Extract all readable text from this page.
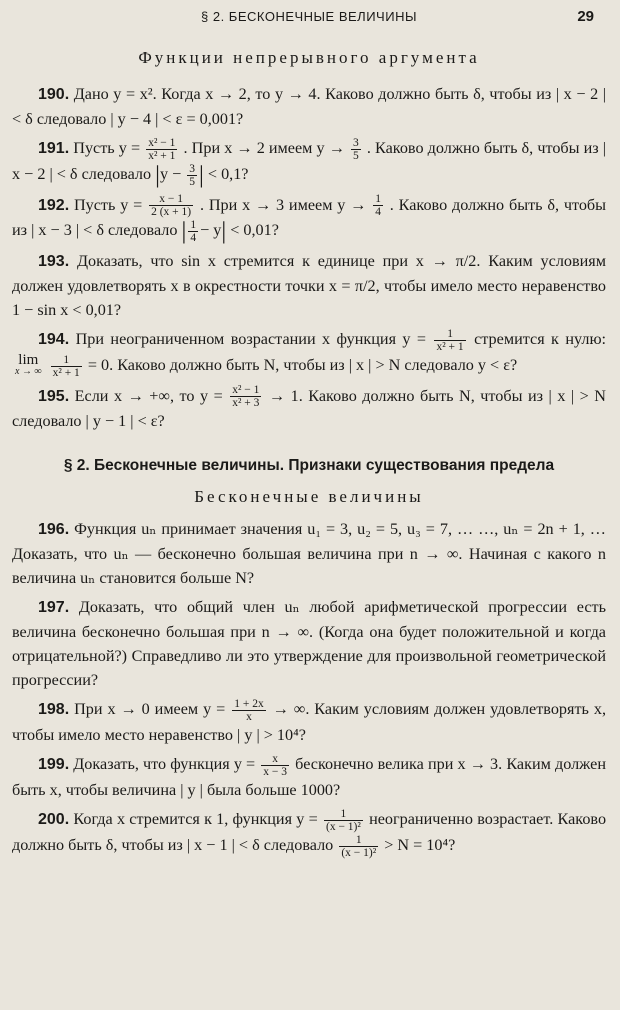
§ 2. БЕСКОНЕЧНЫЕ ВЕЛИЧИНЫ	29
Функции непрерывного аргумента

190. Дано y = x². Когда x → 2, то y → 4. Каково должно быть δ, чтобы из | x − 2 | < δ следовало | y − 4 | < ε = 0,001?

191. Пусть $y = \frac{\text{x² − 1}}{\text{x² + 1}}$ . При x → 2 имеем $y \to \frac{3}{5}$ . Каково должно быть δ, чтобы из | x − 2 | < δ следовало $|y - \frac{3}{5}$ | < 0,1?

192. Пусть $y = \frac{x - 1}{2 (x + 1)}$ . При x → 3 имеем $y \to \frac{1}{4}$ . Каково должно быть δ, чтобы из | x − 3 | < δ следовало | $\frac{1}{4} - y| < 0,01$?

193. Доказать, что sin x стремится к единице при x → π/2. Каким условиям должен удовлетворять x в окрестности точки x = π/2, чтобы имело место неравенство 1 − sin x < 0,01?

194. При неограниченном возрастании x функция $y = \frac{1}{\text{x² + 1}}$ стремится к нулю:
lim
x → ∞
$\frac{1}{\text{x² + 1}} = 0$. Каково должно быть N, чтобы из | x | > N следовало y < ε?

195. Если x → +∞, то $y = \frac{\text{x² − 1}}{\text{x² + 3}} \to 1$. Каково должно быть N, чтобы из | x | > N следовало | y − 1 | < ε?

§ 2. Бесконечные величины. Признаки существования предела
Бесконечные величины

196. Функция uₙ принимает значения u₁ = 3, u₂ = 5, u₃ = 7, … …, uₙ = 2n + 1, … Доказать, что uₙ — бесконечно большая величина при n → ∞. Начиная с какого n величина uₙ становится больше N?

197. Доказать, что общий член uₙ любой арифметической прогрессии есть величина бесконечно большая при n → ∞. (Когда она будет положительной и когда отрицательной?) Справедливо ли это утверждение для произвольной геометрической прогрессии?

198. При x → 0 имеем $y = \frac{1 + 2x}{x}$ → ∞. Каким условиям должен удовлетворять x, чтобы имело место неравенство | y | > 10⁴?

199. Доказать, что функция $y = \frac{x}{x - 3}$ бесконечно велика при x → 3. Каким должен быть x, чтобы величина | y | была больше 1000?

200. Когда x стремится к 1, функция $y = \frac{1}{\text{(x − 1)²}}$ неограниченно возрастает. Каково должно быть δ, чтобы из | x − 1 | < δ следовало $\frac{1}{\text{(x − 1)²}} > N = 10^4$?
